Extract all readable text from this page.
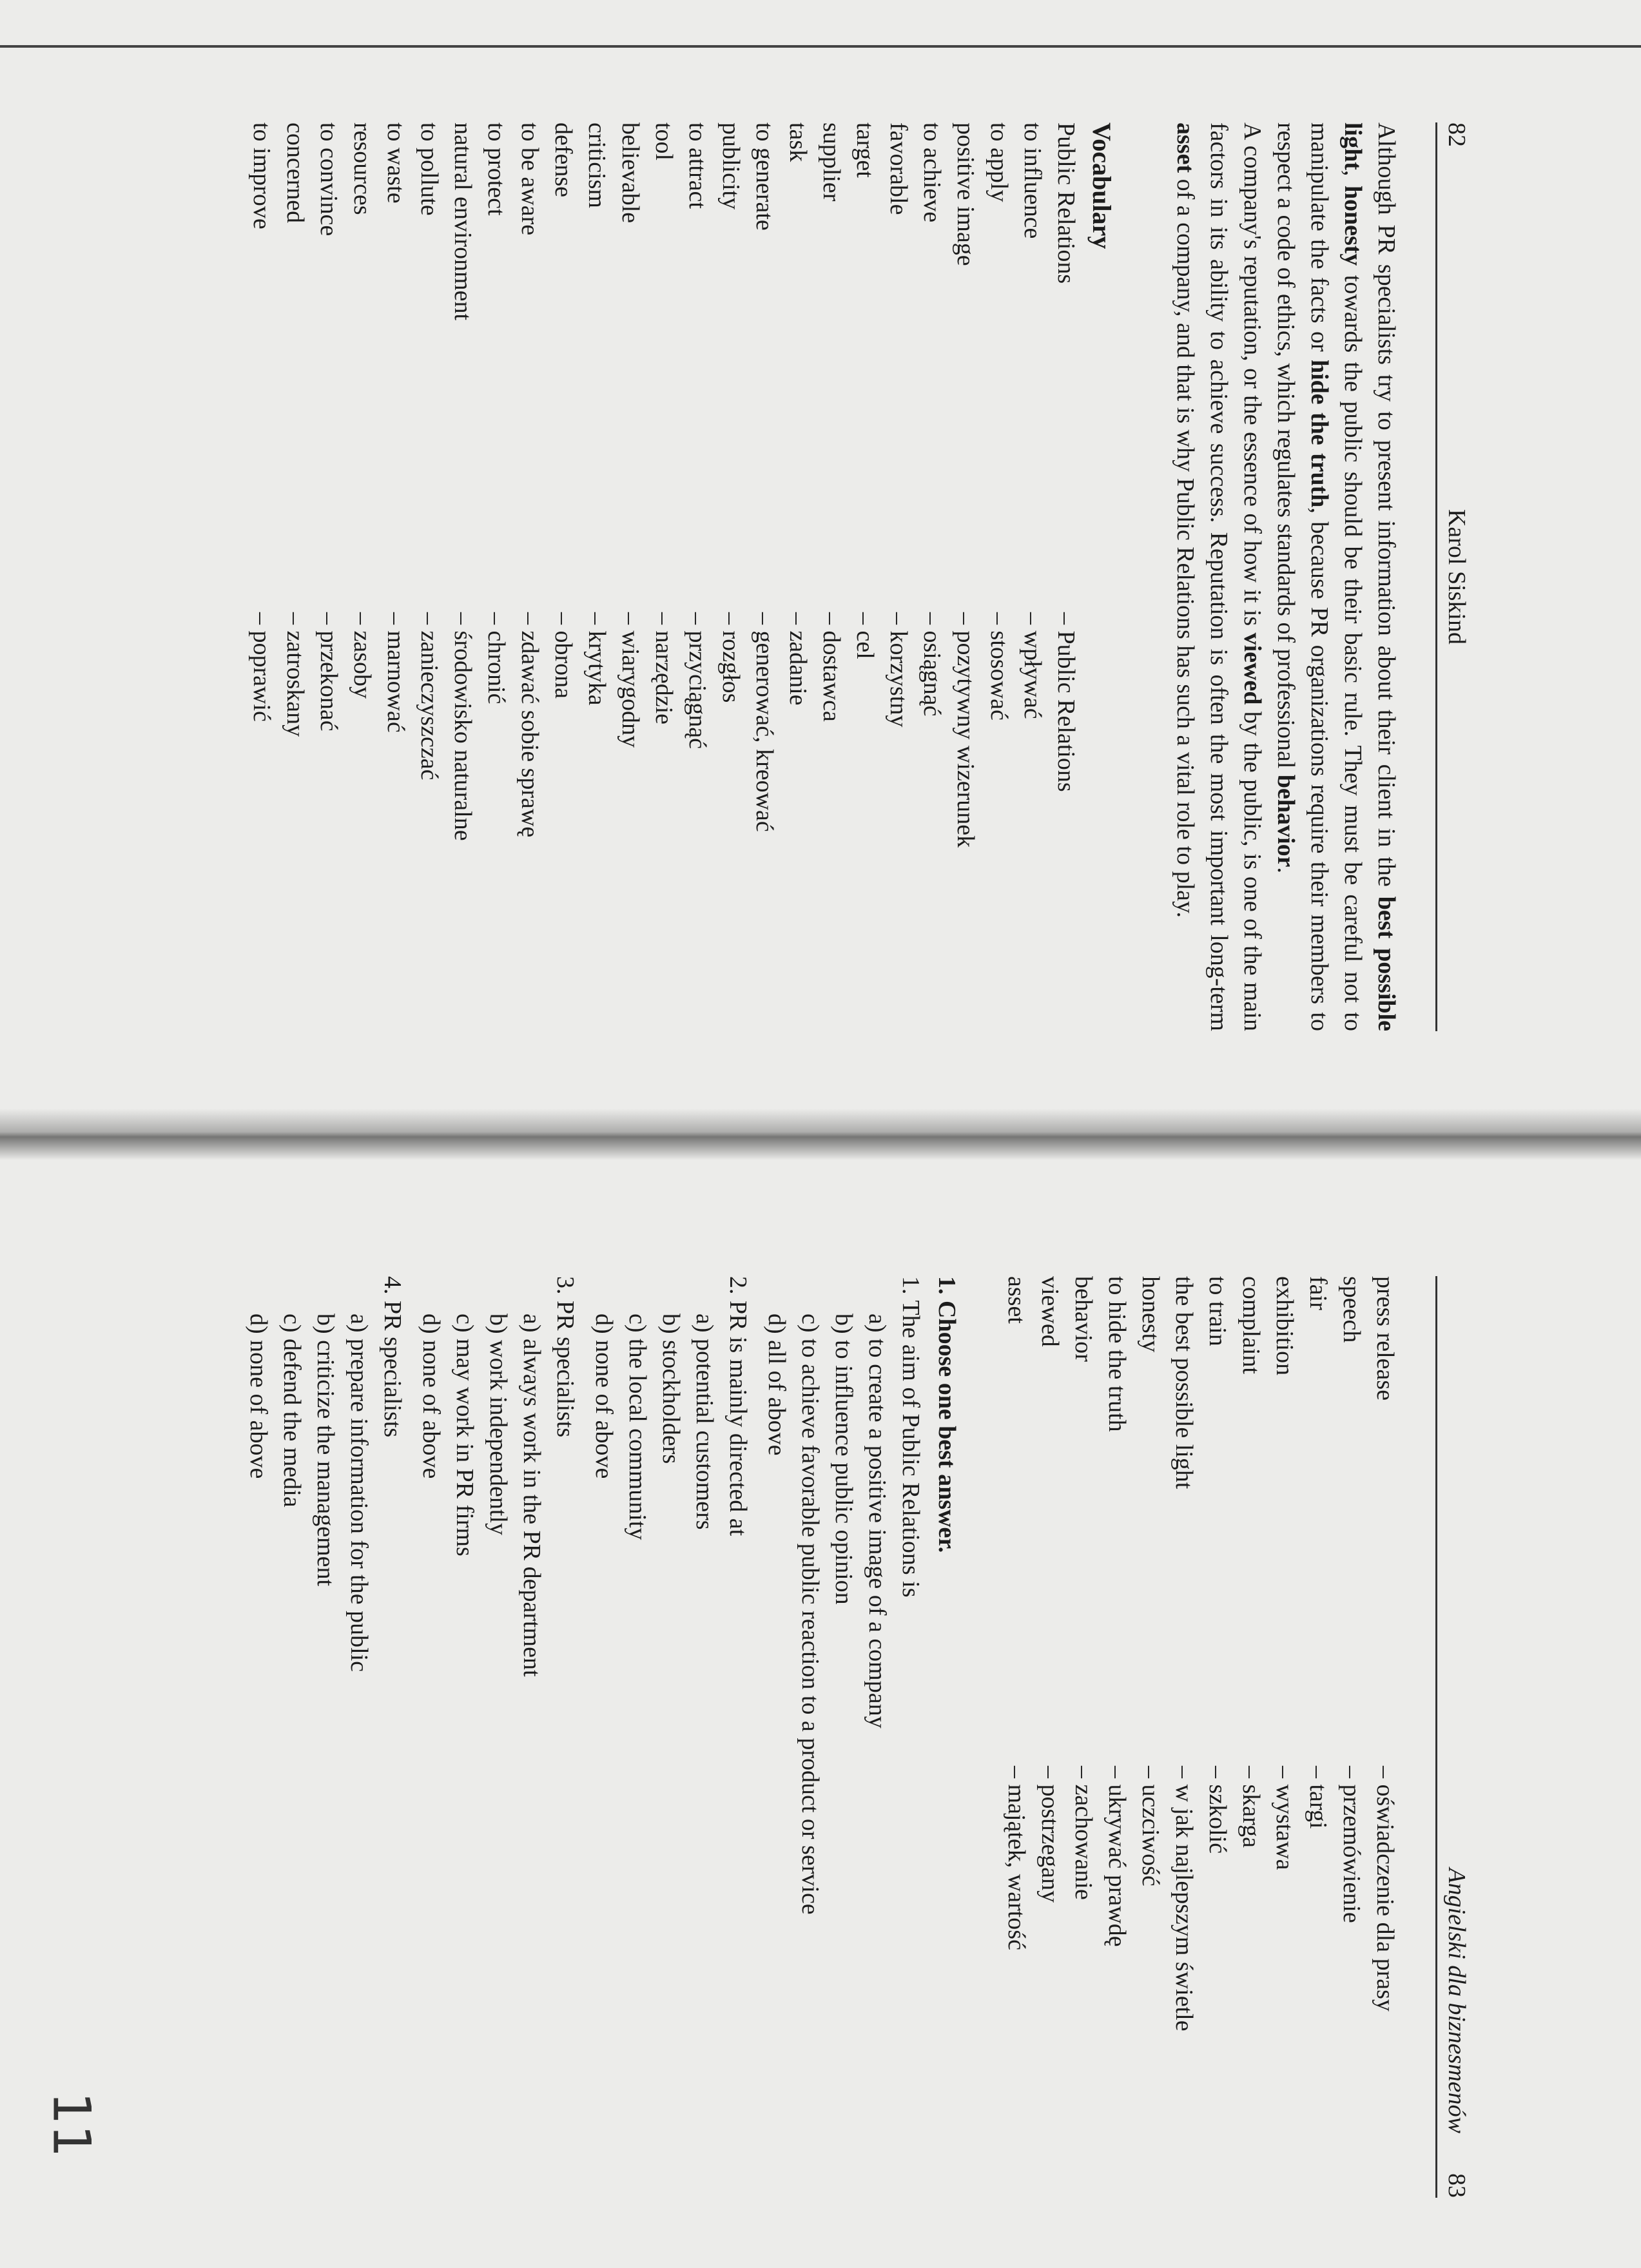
82
Karol Siskind

Although PR specialists try to present information about their client in the best possible light, honesty towards the public should be their basic rule. They must be careful not to manipulate the facts or hide the truth, because PR organizations require their members to respect a code of ethics, which regulates standards of professional behavior.

A company's reputation, or the essence of how it is viewed by the public, is one of the main factors in its ability to achieve success. Reputation is often the most important long-term asset of a company, and that is why Public Relations has such a vital role to play.

Vocabulary
Public Relations
– Public Relations
to influence
– wpływać
to apply
– stosować
positive image
– pozytywny wizerunek
to achieve
– osiągnąć
favorable
– korzystny
target
– cel
supplier
– dostawca
task
– zadanie
to generate
– generować, kreować
publicity
– rozgłos
to attract
– przyciągnąć
tool
– narzędzie
believable
– wiarygodny
criticism
– krytyka
defense
– obrona
to be aware
– zdawać sobie sprawę
to protect
– chronić
natural environment
– środowisko naturalne
to pollute
– zanieczyszczać
to waste
– marnować
resources
– zasoby
to convince
– przekonać
concerned
– zatroskany
to improve
– poprawić
Angielski dla biznesmenów
83
press release
– oświadczenie dla prasy
speech
– przemówienie
fair
– targi
exhibition
– wystawa
complaint
– skarga
to train
– szkolić
the best possible light
– w jak najlepszym świetle
honesty
– uczciwość
to hide the truth
– ukrywać prawdę
behavior
– zachowanie
viewed
– postrzegany
asset
– majątek, wartość
1. Choose one best answer.
1. The aim of Public Relations is
a) to create a positive image of a company
b) to influence public opinion
c) to achieve favorable public reaction to a product or service
d) all of above
2. PR is mainly directed at
a) potential customers
b) stockholders
c) the local community
d) none of above
3. PR specialists
a) always work in the PR department
b) work independently
c) may work in PR firms
d) none of above
4. PR specialists
a) prepare information for the public
b) criticize the management
c) defend the media
d) none of above
11
